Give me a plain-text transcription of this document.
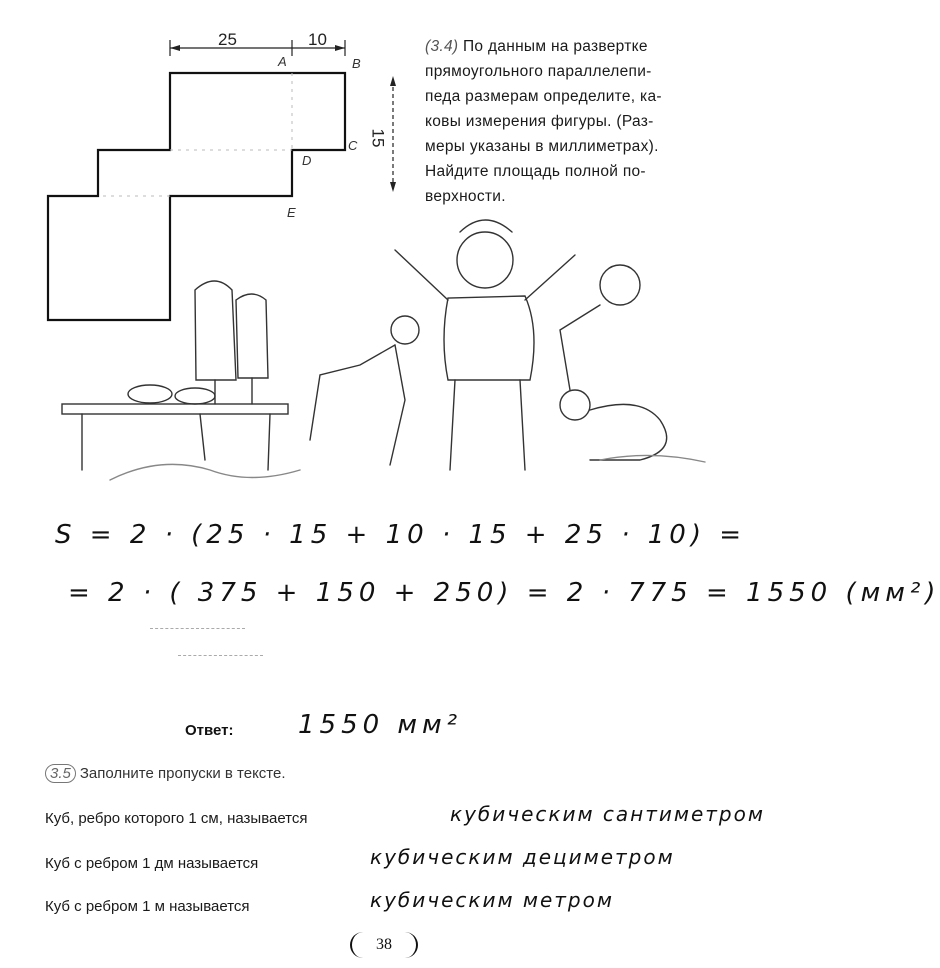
25	10
15
A	B
C
D
E
(3.4) По данным на развертке
прямоугольного параллелепи-
педа размерам определите, ка-
ковы измерения фигуры. (Раз-
меры указаны в миллиметрах).
Найдите площадь полной по-
верхности.
S = 2 · (25 · 15 + 10 · 15 + 25 · 10) =
= 2 · ( 375 + 150 + 250) = 2 · 775 = 1550 (мм²)
Ответ: 1550 мм²
3.5 Заполните пропуски в тексте.
Куб, ребро которого 1 см, называется	кубическим сантиметром
Куб с ребром 1 дм называется	кубическим дециметром
Куб с ребром 1 м называется	кубическим метром
38
